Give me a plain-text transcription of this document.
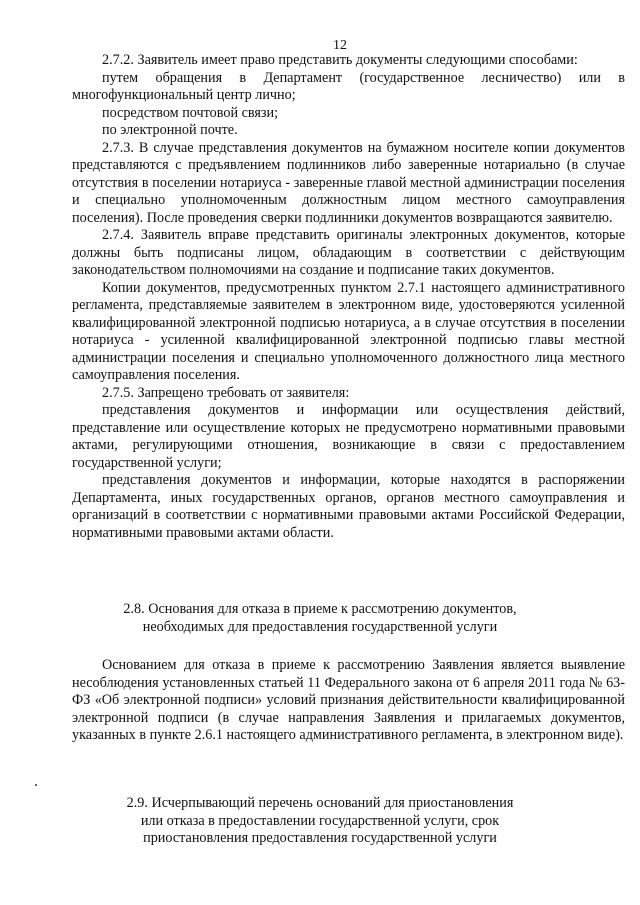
12

2.7.2. Заявитель имеет право представить документы следующими способами:

путем обращения в Департамент (государственное лесничество) или в многофункциональный центр лично;

посредством почтовой связи;

по электронной почте.

2.7.3. В случае представления документов на бумажном носителе копии документов представляются с предъявлением подлинников либо заверенные нотариально (в случае отсутствия в поселении нотариуса - заверенные главой местной администрации поселения и специально уполномоченным должностным лицом местного самоуправления поселения). После проведения сверки подлинники документов возвращаются заявителю.

2.7.4. Заявитель вправе представить оригиналы электронных документов, которые должны быть подписаны лицом, обладающим в соответствии с действующим законодательством полномочиями на создание и подписание таких документов.

Копии документов, предусмотренных пунктом 2.7.1 настоящего административного регламента, представляемые заявителем в электронном виде, удостоверяются усиленной квалифицированной электронной подписью нотариуса, а в случае отсутствия в поселении нотариуса - усиленной квалифицированной электронной подписью главы местной администрации поселения и специально уполномоченного должностного лица местного самоуправления поселения.

2.7.5. Запрещено требовать от заявителя:

представления документов и информации или осуществления действий, представление или осуществление которых не предусмотрено нормативными правовыми актами, регулирующими отношения, возникающие в связи с предоставлением государственной услуги;

представления документов и информации, которые находятся в распоряжении Департамента, иных государственных органов, органов местного самоуправления и организаций в соответствии с нормативными правовыми актами Российской Федерации, нормативными правовыми актами области.

2.8. Основания для отказа в приеме к рассмотрению документов,
необходимых для предоставления государственной услуги

Основанием для отказа в приеме к рассмотрению Заявления является выявление несоблюдения установленных статьей 11 Федерального закона от 6 апреля 2011 года № 63-ФЗ «Об электронной подписи» условий признания действительности квалифицированной электронной подписи (в случае направления Заявления и прилагаемых документов, указанных в пункте 2.6.1 настоящего административного регламента, в электронном виде).

2.9. Исчерпывающий перечень оснований для приостановления
или отказа в предоставлении государственной услуги, срок
приостановления предоставления государственной услуги
